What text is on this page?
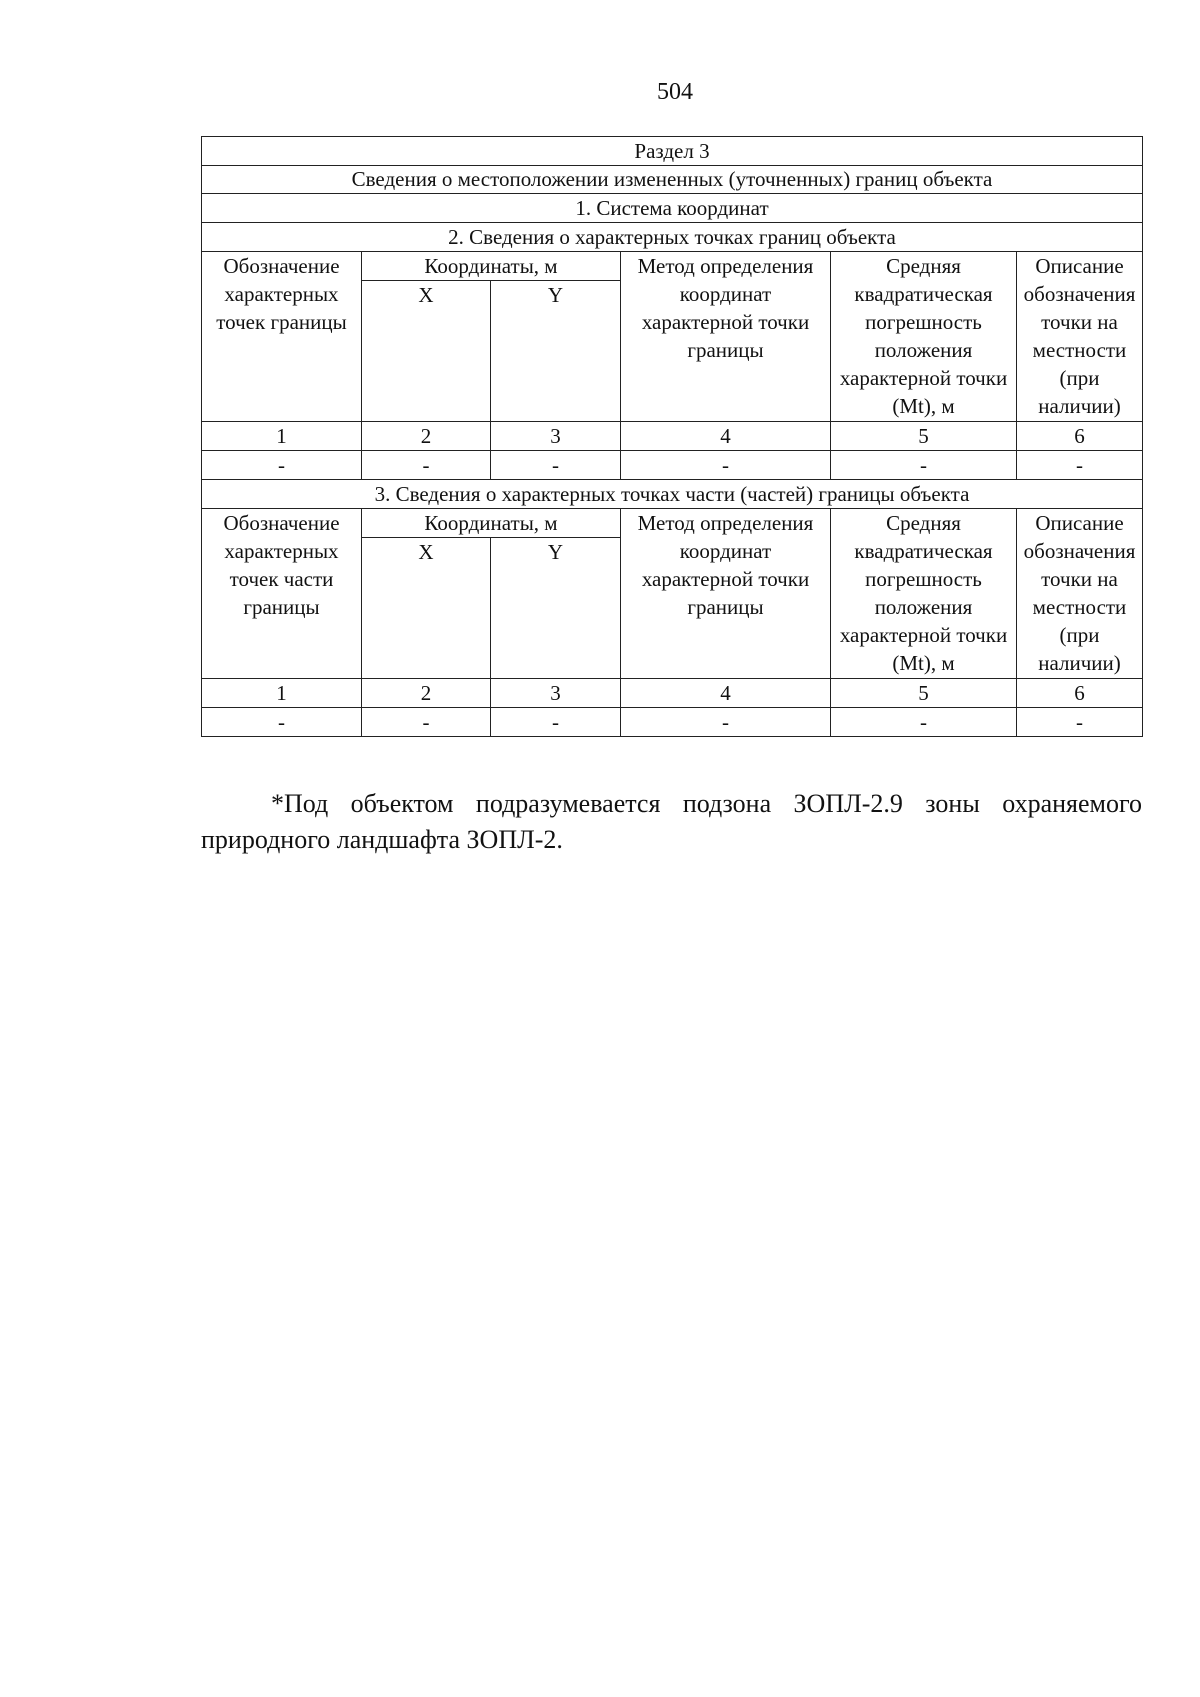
504
Раздел 3					
Сведения о местоположении измененных (уточненных) границ объекта					
1. Система координат					
2. Сведения о характерных точках границ объекта					
Обозначение характерных точек границы	Координаты, м		Метод определения координат характерной точки границы	Средняя квадратическая погрешность положения характерной точки (Mt), м	Описание обозначения точки на местности (при наличии)
	X	Y			
1	2	3	4	5	6
-	-	-	-	-	-
3. Сведения о характерных точках части (частей) границы объекта					
Обозначение характерных точек части границы	Координаты, м		Метод определения координат характерной точки границы	Средняя квадратическая погрешность положения характерной точки (Mt), м	Описание обозначения точки на местности (при наличии)
	X	Y			
1	2	3	4	5	6
-	-	-	-	-	-

*Под объектом подразумевается подзона ЗОПЛ-2.9 зоны охраняемого природного ландшафта ЗОПЛ-2.
